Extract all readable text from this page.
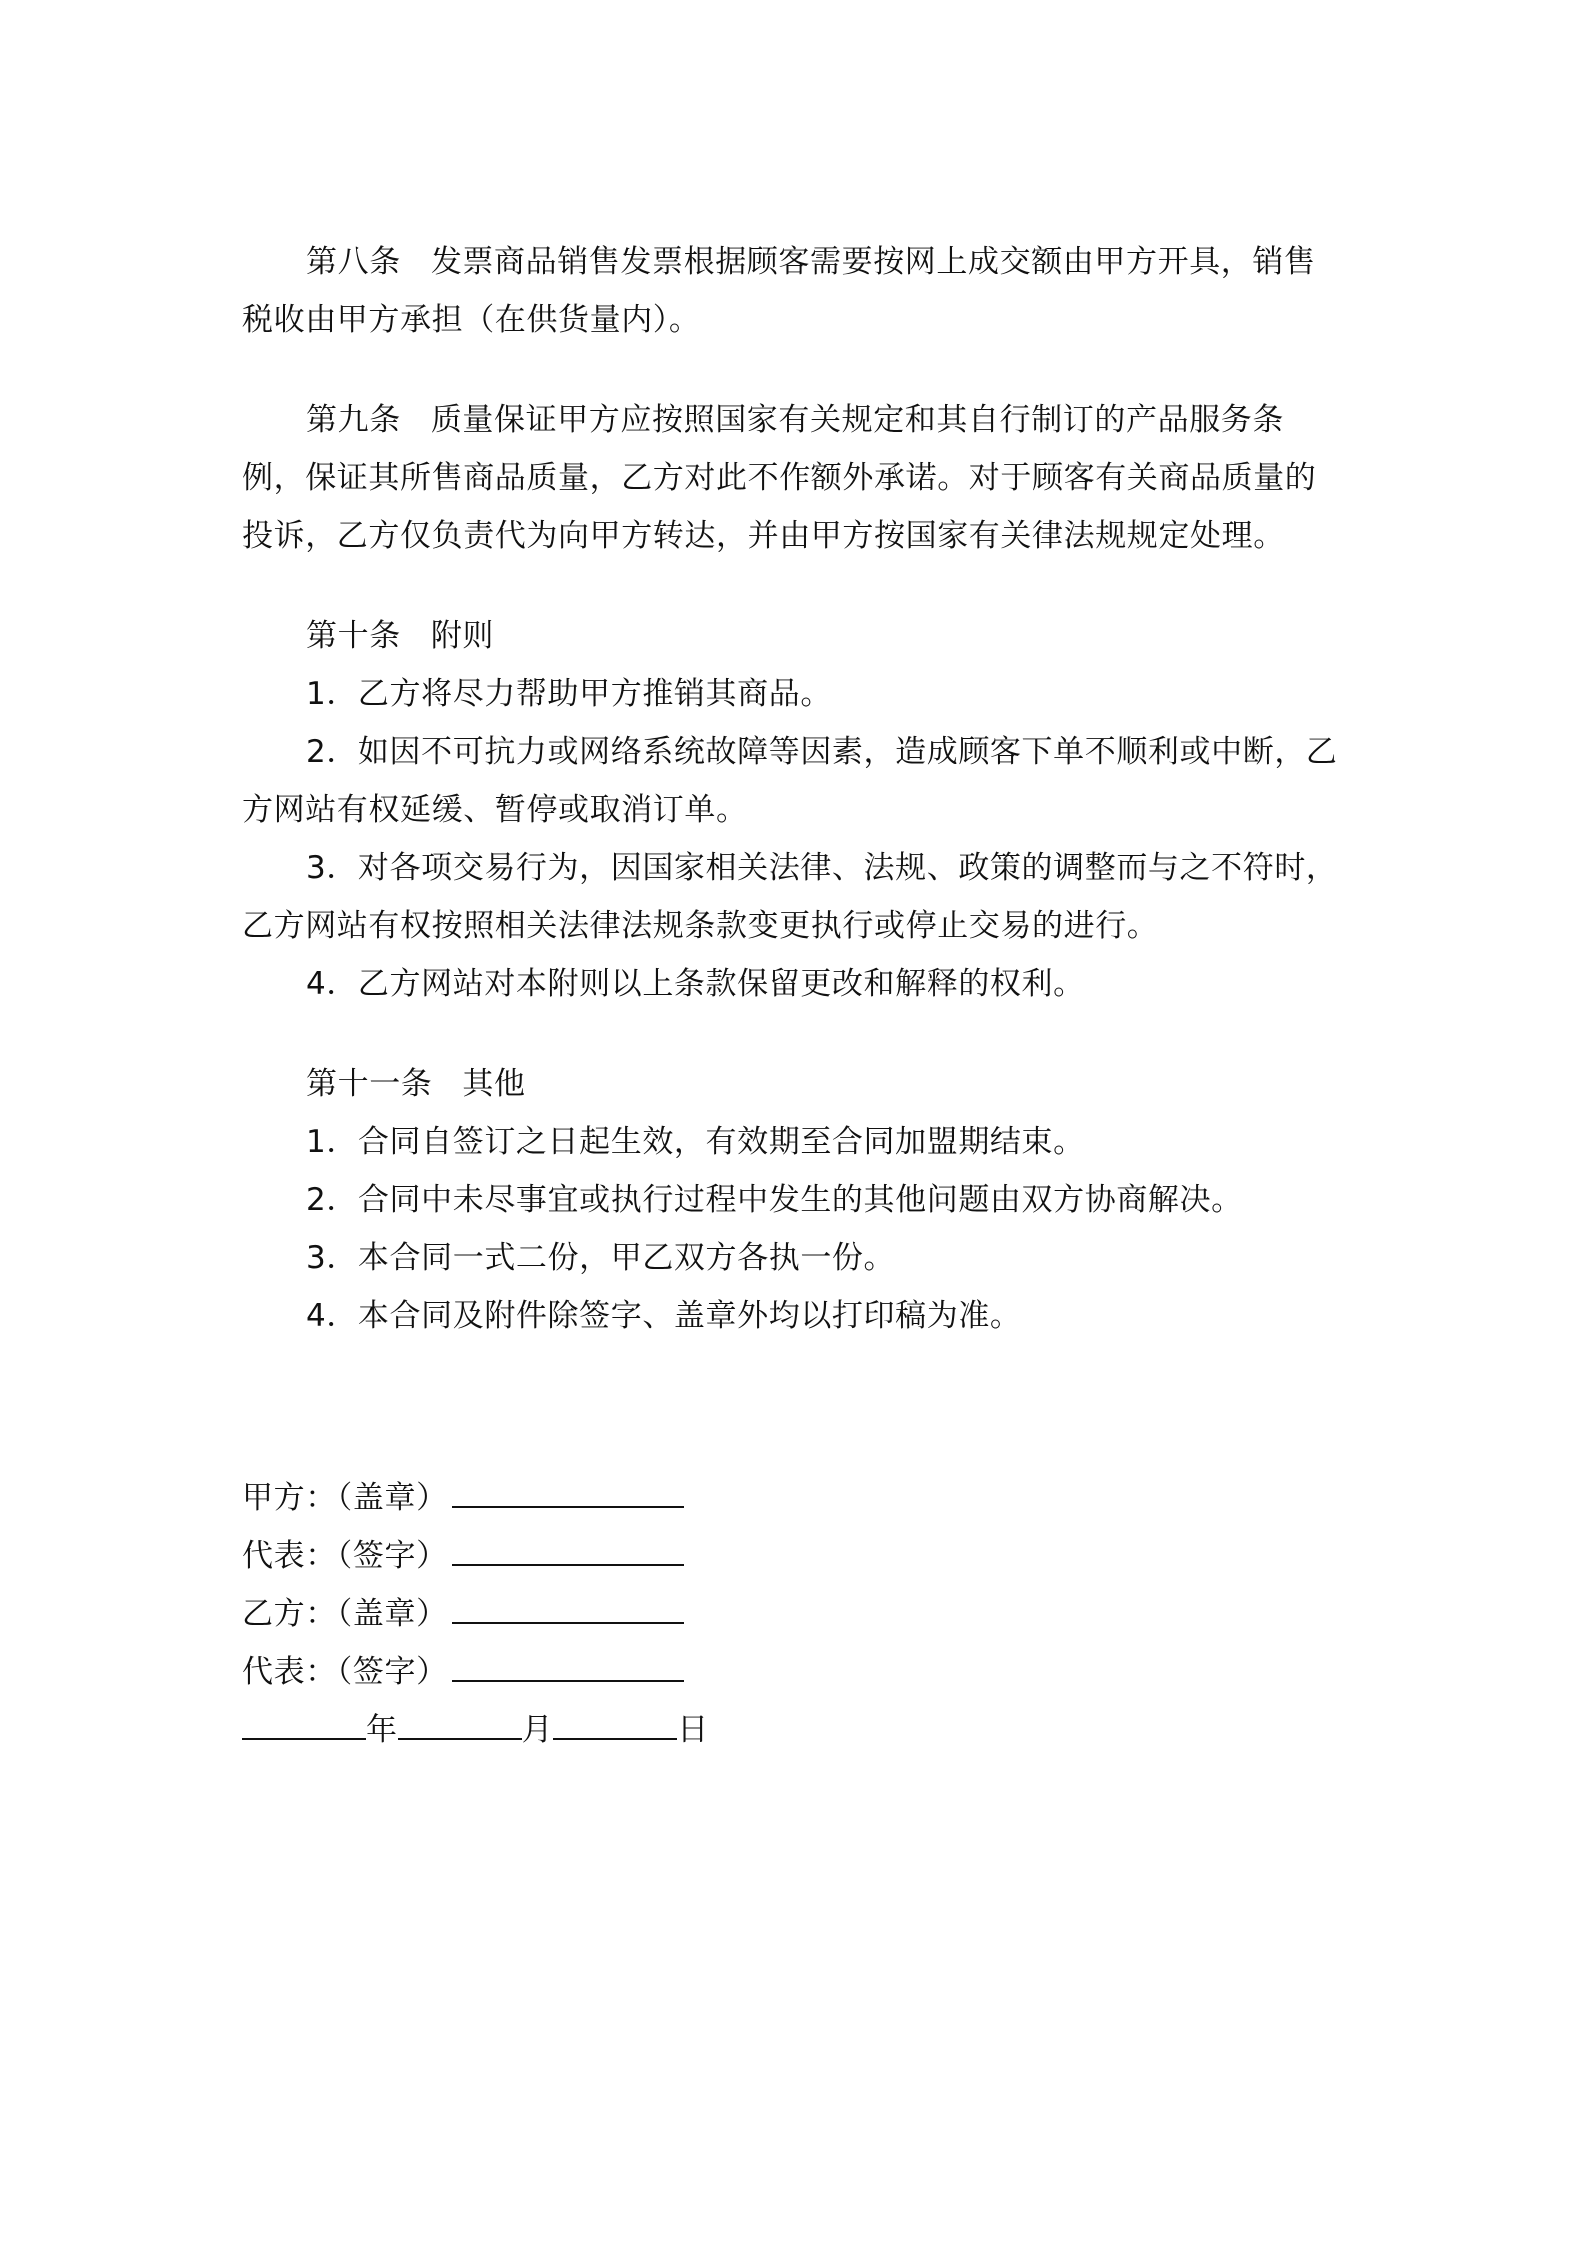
第八条 发票商品销售发票根据顾客需要按网上成交额由甲方开具，销售
税收由甲方承担（在供货量内）。
第九条 质量保证甲方应按照国家有关规定和其自行制订的产品服务条
例，保证其所售商品质量，乙方对此不作额外承诺。对于顾客有关商品质量的
投诉，乙方仅负责代为向甲方转达，并由甲方按国家有关律法规规定处理。
第十条 附则
1．乙方将尽力帮助甲方推销其商品。
2．如因不可抗力或网络系统故障等因素，造成顾客下单不顺利或中断，乙
方网站有权延缓、暂停或取消订单。
3．对各项交易行为，因国家相关法律、法规、政策的调整而与之不符时，
乙方网站有权按照相关法律法规条款变更执行或停止交易的进行。
4．乙方网站对本附则以上条款保留更改和解释的权利。
第十一条 其他
1．合同自签订之日起生效，有效期至合同加盟期结束。
2．合同中未尽事宜或执行过程中发生的其他问题由双方协商解决。
3．本合同一式二份，甲乙双方各执一份。
4．本合同及附件除签字、盖章外均以打印稿为准。
甲方：（盖章）
代表：（签字）
乙方：（盖章）
代表：（签字）
年	月	日
